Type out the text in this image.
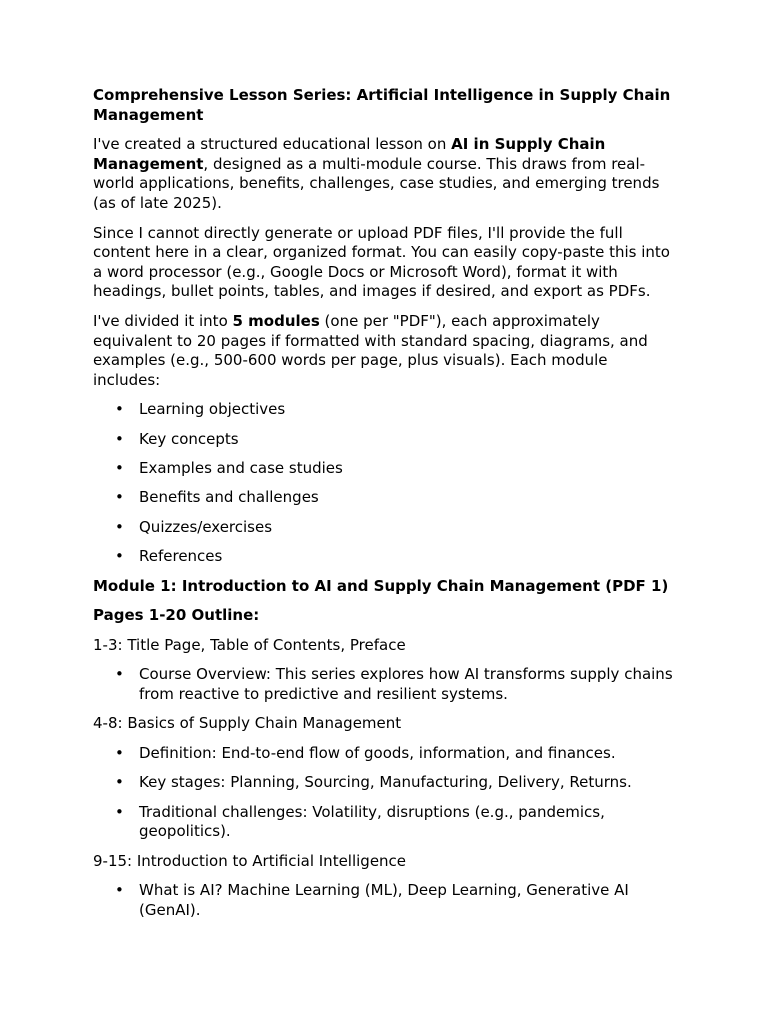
Comprehensive Lesson Series: Artificial Intelligence in Supply Chain Management
I've created a structured educational lesson on AI in Supply Chain Management, designed as a multi-module course. This draws from real-world applications, benefits, challenges, case studies, and emerging trends (as of late 2025).
Since I cannot directly generate or upload PDF files, I'll provide the full content here in a clear, organized format. You can easily copy-paste this into a word processor (e.g., Google Docs or Microsoft Word), format it with headings, bullet points, tables, and images if desired, and export as PDFs.
I've divided it into 5 modules (one per "PDF"), each approximately equivalent to 20 pages if formatted with standard spacing, diagrams, and examples (e.g., 500-600 words per page, plus visuals). Each module includes:
• Learning objectives
• Key concepts
• Examples and case studies
• Benefits and challenges
• Quizzes/exercises
• References
Module 1: Introduction to AI and Supply Chain Management (PDF 1)
Pages 1-20 Outline:
1-3: Title Page, Table of Contents, Preface
• Course Overview: This series explores how AI transforms supply chains from reactive to predictive and resilient systems.
4-8: Basics of Supply Chain Management
• Definition: End-to-end flow of goods, information, and finances.
• Key stages: Planning, Sourcing, Manufacturing, Delivery, Returns.
• Traditional challenges: Volatility, disruptions (e.g., pandemics, geopolitics).
9-15: Introduction to Artificial Intelligence
• What is AI? Machine Learning (ML), Deep Learning, Generative AI (GenAI).
